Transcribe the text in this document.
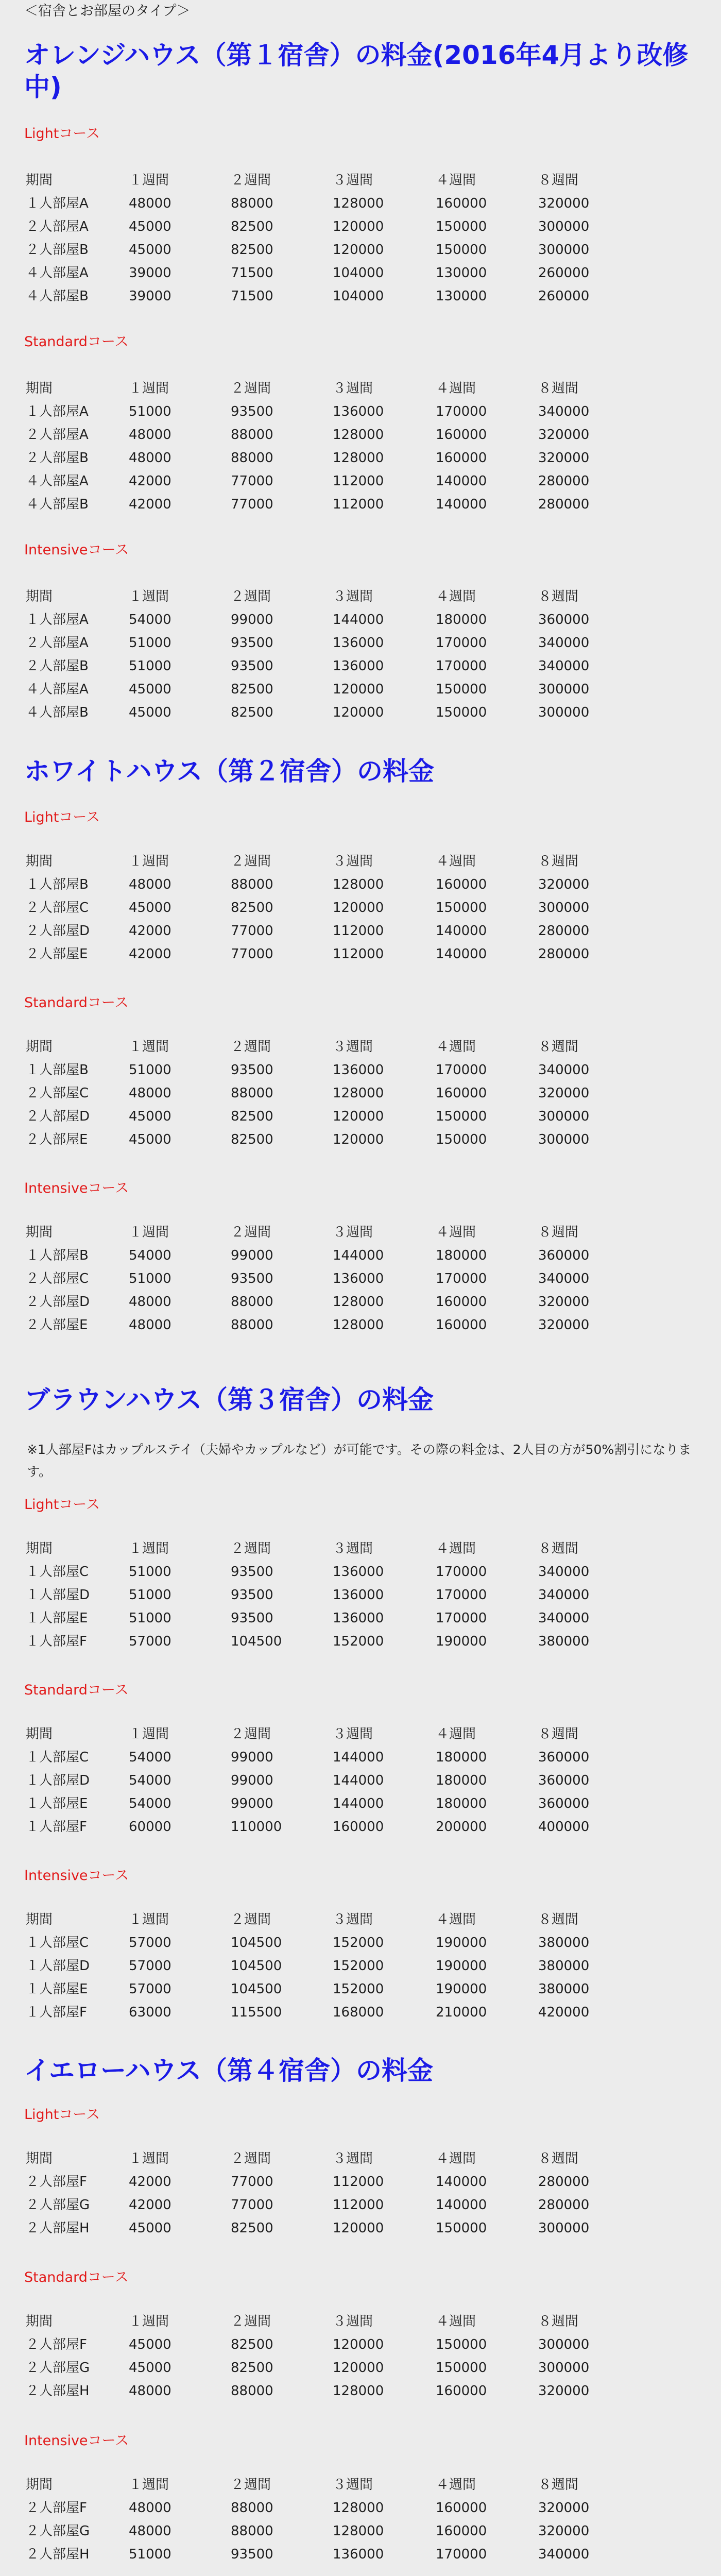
＜宿舎とお部屋のタイプ＞
オレンジハウス（第１宿舎）の料金(2016年4月より改修
中)
Lightコース
期間	１週間	２週間	３週間	４週間	８週間
１人部屋A	48000	88000	128000	160000	320000
２人部屋A	45000	82500	120000	150000	300000
２人部屋B	45000	82500	120000	150000	300000
４人部屋A	39000	71500	104000	130000	260000
４人部屋B	39000	71500	104000	130000	260000
Standardコース
期間	１週間	２週間	３週間	４週間	８週間
１人部屋A	51000	93500	136000	170000	340000
２人部屋A	48000	88000	128000	160000	320000
２人部屋B	48000	88000	128000	160000	320000
４人部屋A	42000	77000	112000	140000	280000
４人部屋B	42000	77000	112000	140000	280000
Intensiveコース
期間	１週間	２週間	３週間	４週間	８週間
１人部屋A	54000	99000	144000	180000	360000
２人部屋A	51000	93500	136000	170000	340000
２人部屋B	51000	93500	136000	170000	340000
４人部屋A	45000	82500	120000	150000	300000
４人部屋B	45000	82500	120000	150000	300000
ホワイトハウス（第２宿舎）の料金
Lightコース
期間	１週間	２週間	３週間	４週間	８週間
１人部屋B	48000	88000	128000	160000	320000
２人部屋C	45000	82500	120000	150000	300000
２人部屋D	42000	77000	112000	140000	280000
２人部屋E	42000	77000	112000	140000	280000
Standardコース
期間	１週間	２週間	３週間	４週間	８週間
１人部屋B	51000	93500	136000	170000	340000
２人部屋C	48000	88000	128000	160000	320000
２人部屋D	45000	82500	120000	150000	300000
２人部屋E	45000	82500	120000	150000	300000
Intensiveコース
期間	１週間	２週間	３週間	４週間	８週間
１人部屋B	54000	99000	144000	180000	360000
２人部屋C	51000	93500	136000	170000	340000
２人部屋D	48000	88000	128000	160000	320000
２人部屋E	48000	88000	128000	160000	320000
ブラウンハウス（第３宿舎）の料金
※1人部屋Fはカップルステイ（夫婦やカップルなど）が可能です。その際の料金は、2人目の方が50%割引になります。
Lightコース
期間	１週間	２週間	３週間	４週間	８週間
１人部屋C	51000	93500	136000	170000	340000
１人部屋D	51000	93500	136000	170000	340000
１人部屋E	51000	93500	136000	170000	340000
１人部屋F	57000	104500	152000	190000	380000
Standardコース
期間	１週間	２週間	３週間	４週間	８週間
１人部屋C	54000	99000	144000	180000	360000
１人部屋D	54000	99000	144000	180000	360000
１人部屋E	54000	99000	144000	180000	360000
１人部屋F	60000	110000	160000	200000	400000
Intensiveコース
期間	１週間	２週間	３週間	４週間	８週間
１人部屋C	57000	104500	152000	190000	380000
１人部屋D	57000	104500	152000	190000	380000
１人部屋E	57000	104500	152000	190000	380000
１人部屋F	63000	115500	168000	210000	420000
イエローハウス（第４宿舎）の料金
Lightコース
期間	１週間	２週間	３週間	４週間	８週間
２人部屋F	42000	77000	112000	140000	280000
２人部屋G	42000	77000	112000	140000	280000
２人部屋H	45000	82500	120000	150000	300000
Standardコース
期間	１週間	２週間	３週間	４週間	８週間
２人部屋F	45000	82500	120000	150000	300000
２人部屋G	45000	82500	120000	150000	300000
２人部屋H	48000	88000	128000	160000	320000
Intensiveコース
期間	１週間	２週間	３週間	４週間	８週間
２人部屋F	48000	88000	128000	160000	320000
２人部屋G	48000	88000	128000	160000	320000
２人部屋H	51000	93500	136000	170000	340000
